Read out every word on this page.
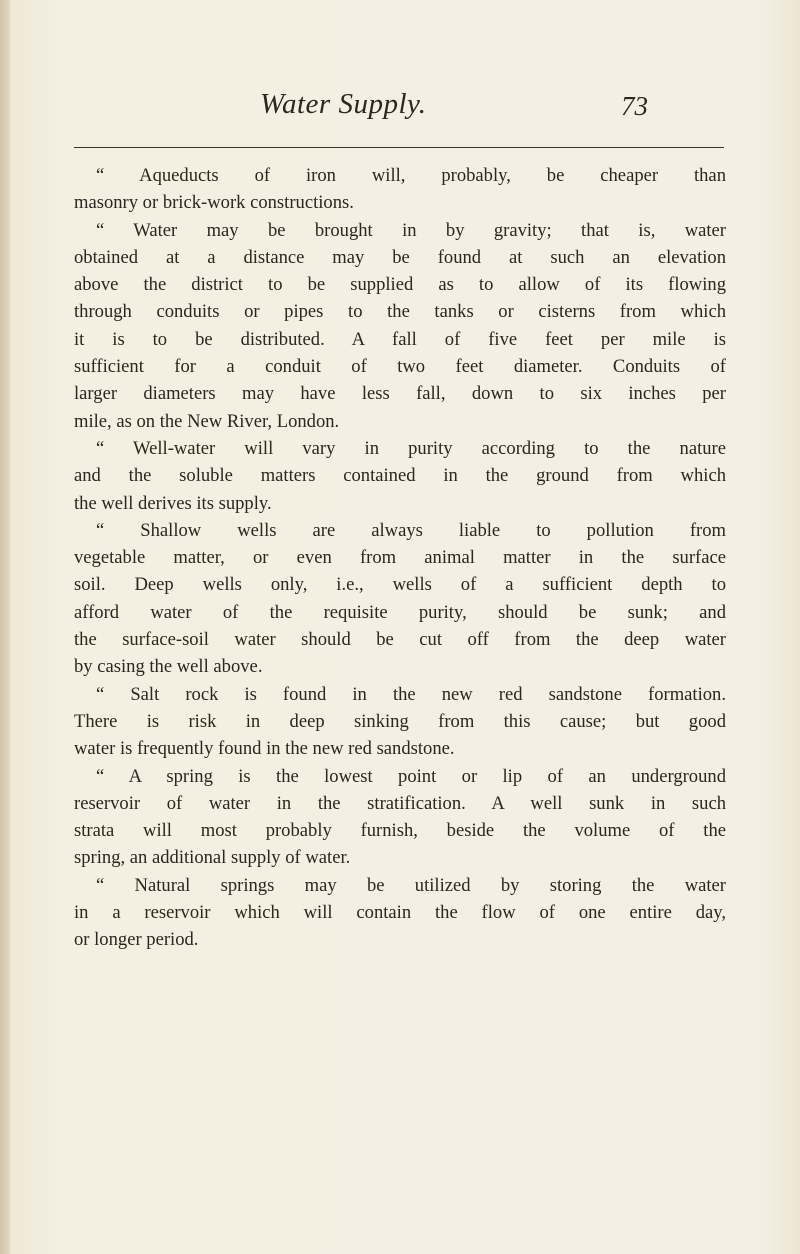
Water Supply.	73
“ Aqueducts of iron will, probably, be cheaper than
masonry or brick-work constructions.
“ Water may be brought in by gravity; that is, water
obtained at a distance may be found at such an elevation
above the district to be supplied as to allow of its flowing
through conduits or pipes to the tanks or cisterns from which
it is to be distributed. A fall of five feet per mile is
sufficient for a conduit of two feet diameter. Conduits of
larger diameters may have less fall, down to six inches per
mile, as on the New River, London.
“ Well-water will vary in purity according to the nature
and the soluble matters contained in the ground from which
the well derives its supply.
“ Shallow wells are always liable to pollution from
vegetable matter, or even from animal matter in the surface
soil. Deep wells only, i.e., wells of a sufficient depth to
afford water of the requisite purity, should be sunk; and
the surface-soil water should be cut off from the deep water
by casing the well above.
“ Salt rock is found in the new red sandstone formation.
There is risk in deep sinking from this cause; but good
water is frequently found in the new red sandstone.
“ A spring is the lowest point or lip of an underground
reservoir of water in the stratification. A well sunk in such
strata will most probably furnish, beside the volume of the
spring, an additional supply of water.
“ Natural springs may be utilized by storing the water
in a reservoir which will contain the flow of one entire day,
or longer period.
